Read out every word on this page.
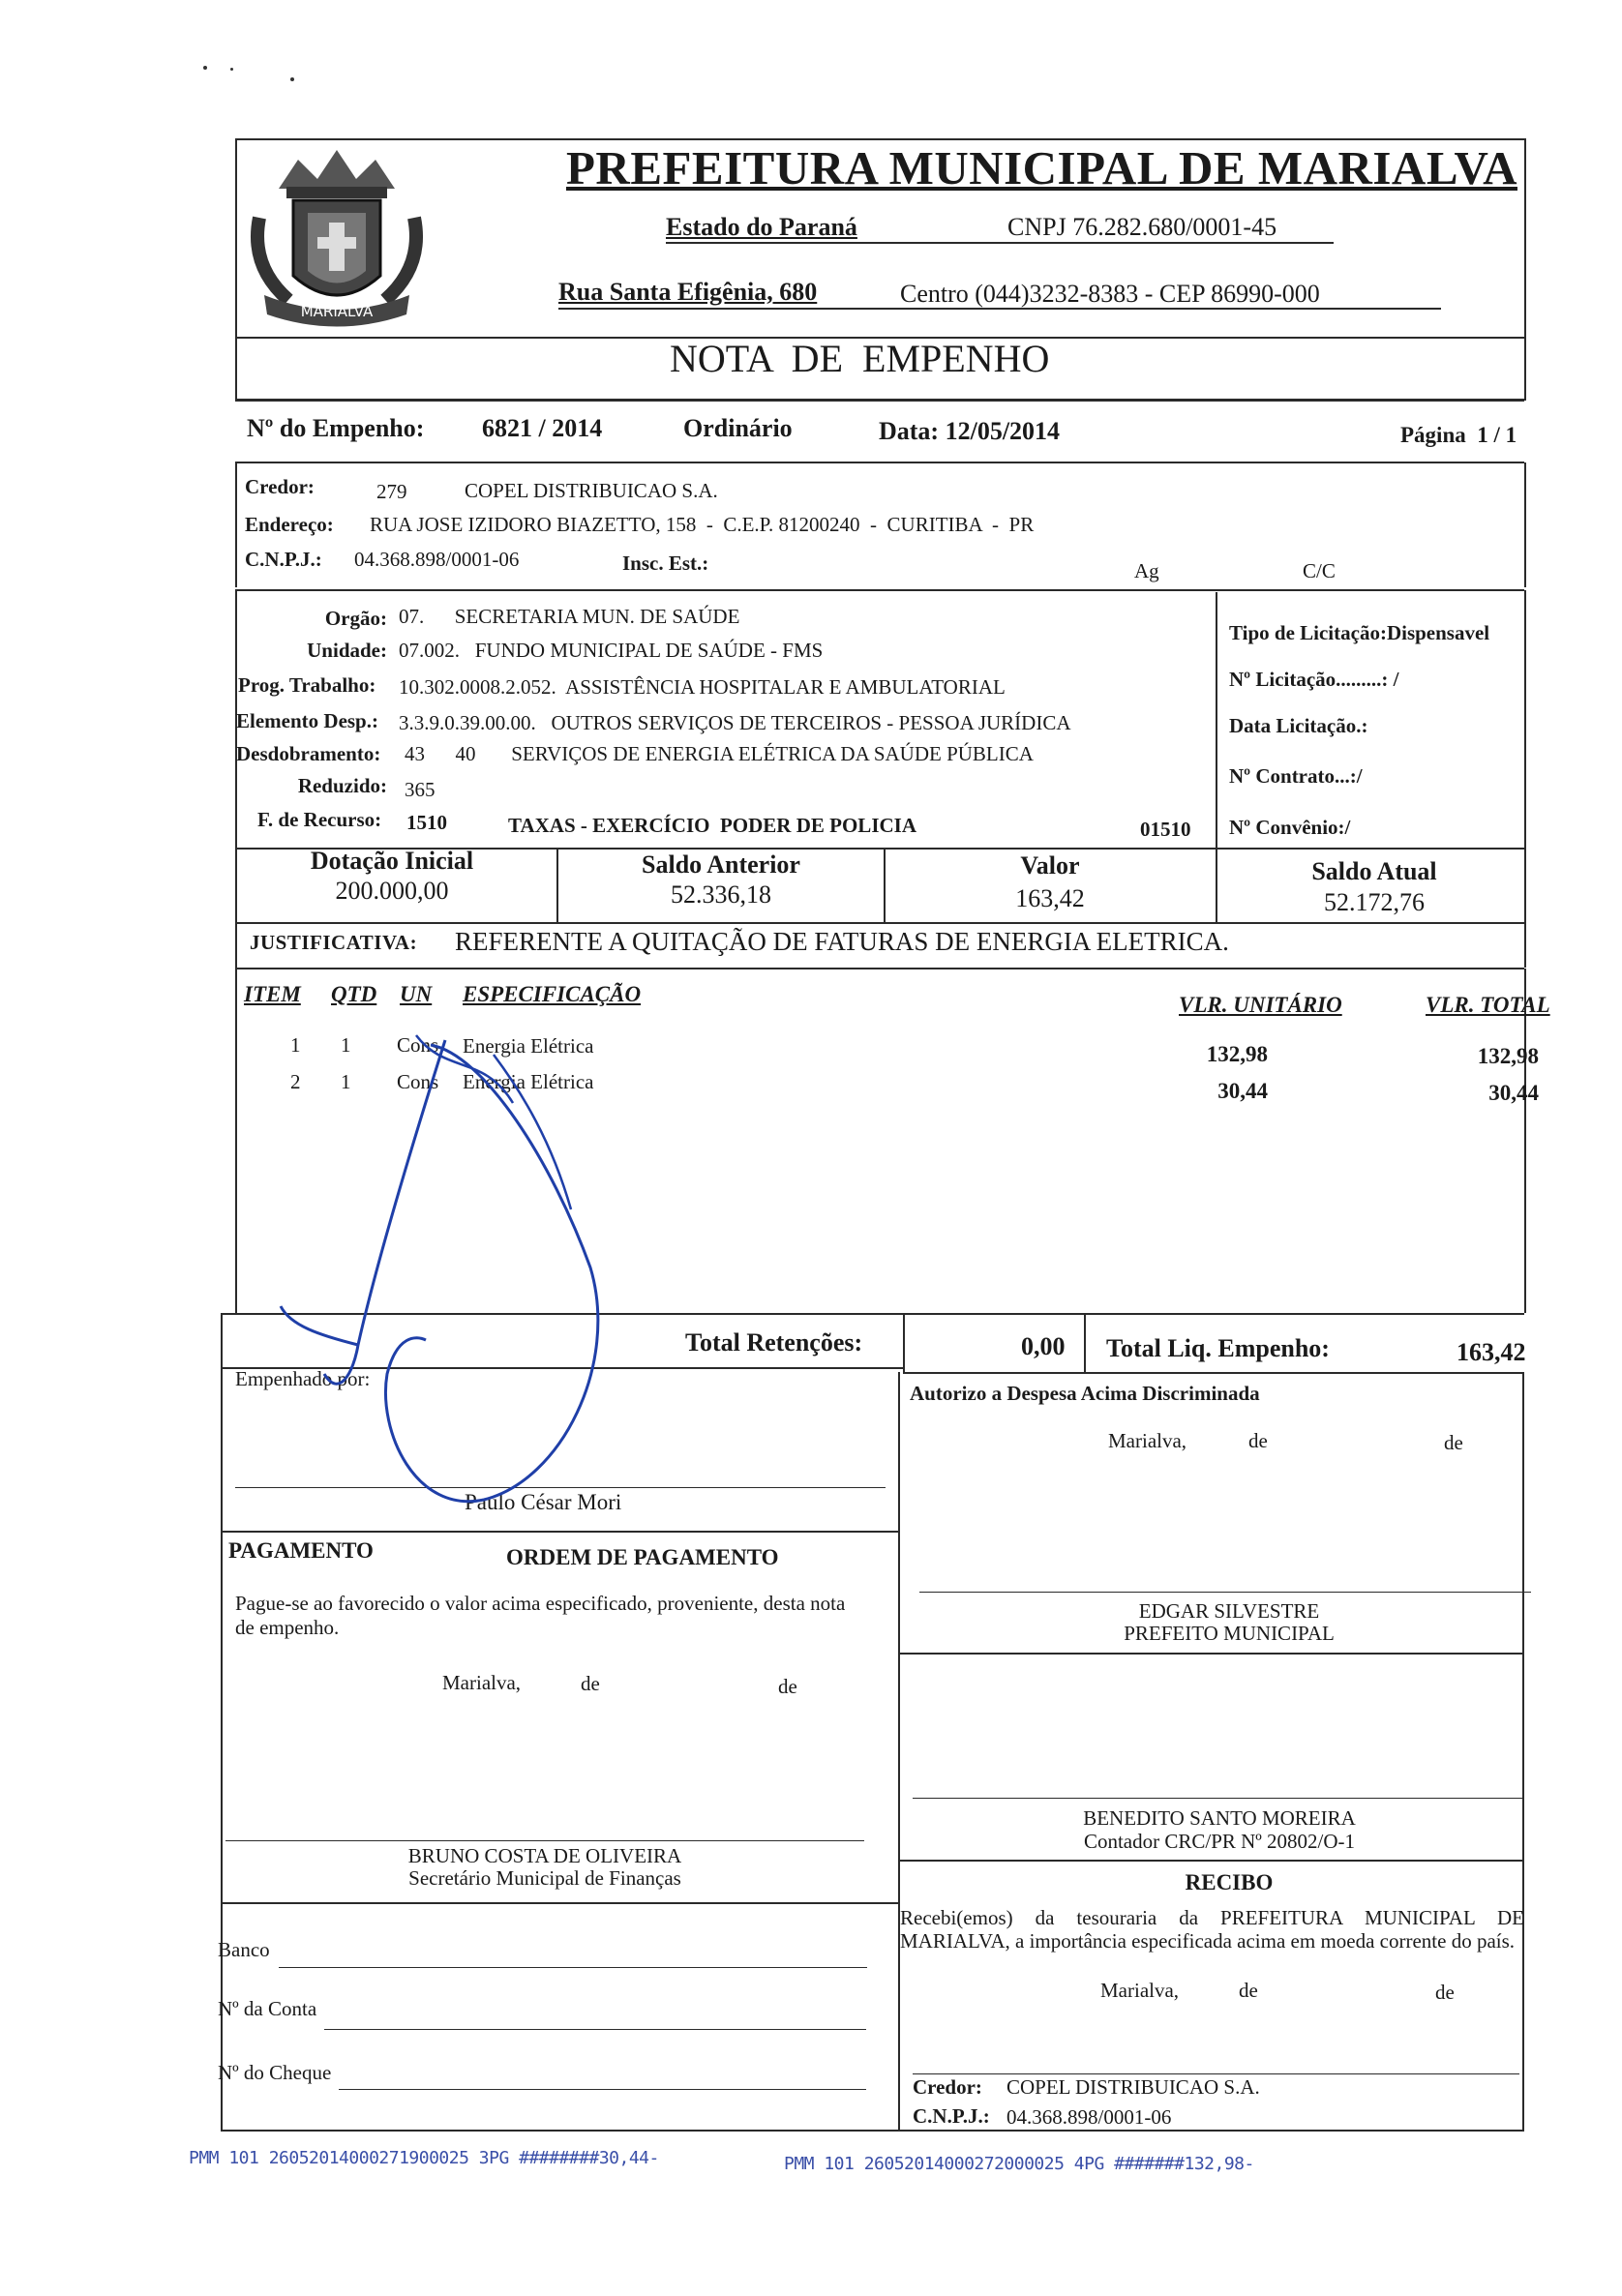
MARIALVA
PREFEITURA MUNICIPAL DE MARIALVA
Estado do Paraná	CNPJ 76.282.680/0001-45
Rua Santa Efigênia, 680	Centro (044)3232-8383 - CEP 86990-000
NOTA  DE  EMPENHO
Nº do Empenho: 6821 / 2014	Ordinário	Data: 12/05/2014	Página  1 / 1
Credor:	279	COPEL DISTRIBUICAO S.A.
Endereço: RUA JOSE IZIDORO BIAZETTO, 158  -  C.E.P. 81200240  -  CURITIBA  -  PR
C.N.P.J.: 04.368.898/0001-06	Insc. Est.:	Ag	C/C
Orgão: 07.      SECRETARIA MUN. DE SAÚDE
Unidade: 07.002.   FUNDO MUNICIPAL DE SAÚDE - FMS
Prog. Trabalho: 10.302.0008.2.052.  ASSISTÊNCIA HOSPITALAR E AMBULATORIAL
Elemento Desp.: 3.3.9.0.39.00.00.   OUTROS SERVIÇOS DE TERCEIROS - PESSOA JURÍDICA
Desdobramento: 43      40       SERVIÇOS DE ENERGIA ELÉTRICA DA SAÚDE PÚBLICA
Reduzido: 365
F. de Recurso: 1510	TAXAS - EXERCÍCIO  PODER DE POLICIA	01510
Tipo de Licitação:Dispensavel
Nº Licitação.........: /
Data Licitação.:
Nº Contrato...:/
Nº Convênio:/
Dotação Inicial
200.000,00
Saldo Anterior
52.336,18
Valor
163,42
Saldo Atual
52.172,76
JUSTIFICATIVA: REFERENTE A QUITAÇÃO DE FATURAS DE ENERGIA ELETRICA.
ITEM QTD UN ESPECIFICAÇÃO	VLR. UNITÁRIO	VLR. TOTAL
1 1 Cons Energia Elétrica	132,98	132,98
2 1 Cons Energia Elétrica	30,44	30,44
Total Retenções:	0,00 Total Liq. Empenho:	163,42
Empenhado por:
Paulo César Mori
Autorizo a Despesa Acima Discriminada
Marialva,	de	de
EDGAR SILVESTRE
PREFEITO MUNICIPAL
PAGAMENTO	ORDEM DE PAGAMENTO
Pague-se ao favorecido o valor acima especificado, proveniente, desta nota de empenho.
Marialva,	de	de
BRUNO COSTA DE OLIVEIRA
Secretário Municipal de Finanças
BENEDITO SANTO MOREIRA
Contador CRC/PR Nº 20802/O-1
RECIBO
Recebi(emos) da tesouraria da PREFEITURA MUNICIPAL DE MARIALVA, a importância especificada acima em moeda corrente do país.
Marialva,	de	de
Credor: COPEL DISTRIBUICAO S.A.
C.N.P.J.: 04.368.898/0001-06
Banco
Nº da Conta
Nº do Cheque
PMM 101 26052014000271900025 3PG ########30,44-	PMM 101 26052014000272000025 4PG #######132,98-
